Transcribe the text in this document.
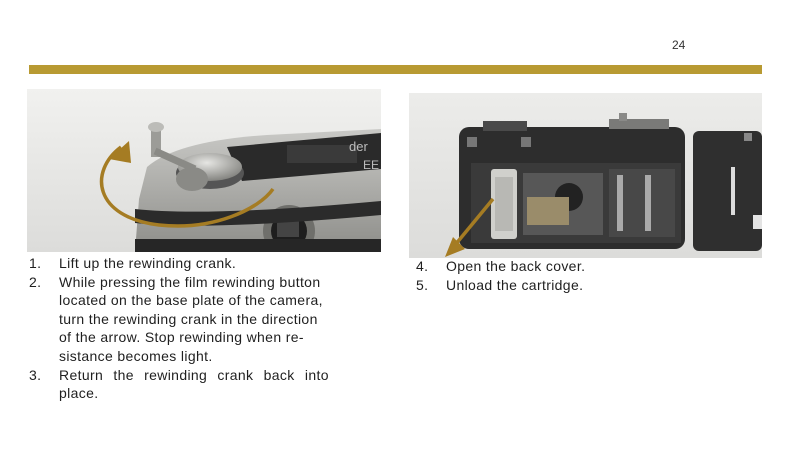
24
der
EE
1.	Lift up the rewinding crank.
2.	While pressing the film rewinding button
located on the base plate of the camera,
turn the rewinding crank in the direction
of the arrow. Stop rewinding when re-
sistance becomes light.
3.	Return the rewinding crank back into
place.
4.	Open the back cover.
5.	Unload the cartridge.
